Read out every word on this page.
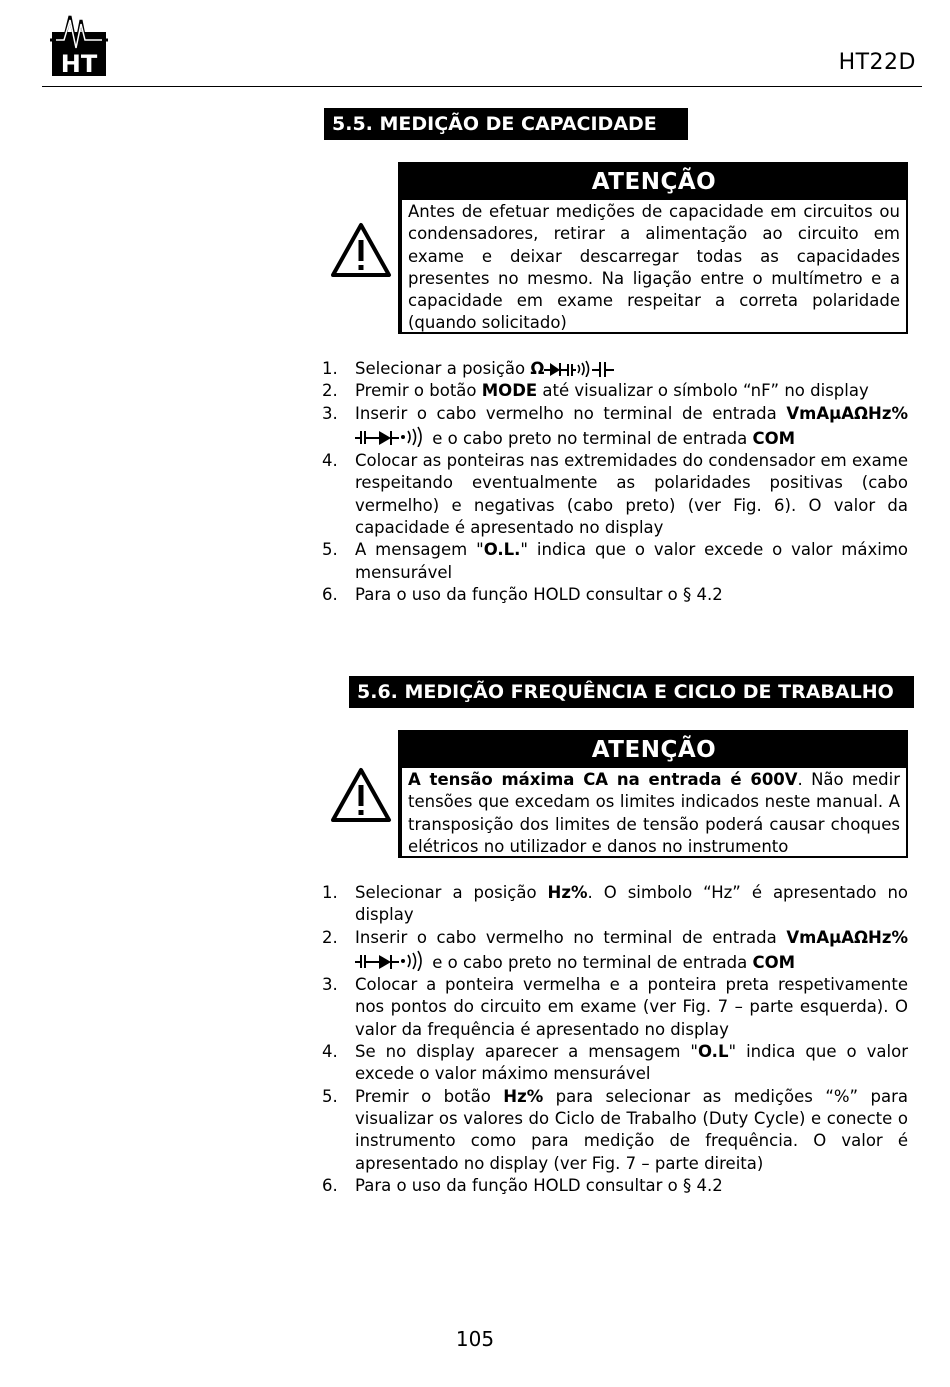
HT	HT22D
5.5. MEDIÇÃO DE CAPACIDADE
ATENÇÃO
Antes de efetuar medições de capacidade em circuitos ou condensadores, retirar a alimentação ao circuito em exame e deixar descarregar todas as capacidades presentes no mesmo. Na ligação entre o multímetro e a capacidade em exame respeitar a correta polaridade (quando solicitado)
1.	Selecionar a posição Ω
2.	Premir o botão MODE até visualizar o símbolo “nF” no display
3.	Inserir o cabo vermelho no terminal de entrada VmAμAΩHz% e o cabo preto no terminal de entrada COM
4.	Colocar as ponteiras nas extremidades do condensador em exame respeitando eventualmente as polaridades positivas (cabo vermelho) e negativas (cabo preto) (ver Fig. 6). O valor da capacidade é apresentado no display
5.	A mensagem "O.L." indica que o valor excede o valor máximo mensurável
6.	Para o uso da função HOLD consultar o § 4.2
5.6. MEDIÇÃO FREQUÊNCIA E CICLO DE TRABALHO
ATENÇÃO
A tensão máxima CA na entrada é 600V. Não medir tensões que excedam os limites indicados neste manual. A transposição dos limites de tensão poderá causar choques elétricos no utilizador e danos no instrumento
1.	Selecionar a posição Hz%. O simbolo “Hz” é apresentado no display
2.	Inserir o cabo vermelho no terminal de entrada VmAμAΩHz% e o cabo preto no terminal de entrada COM
3.	Colocar a ponteira vermelha e a ponteira preta respetivamente nos pontos do circuito em exame (ver Fig. 7 – parte esquerda). O valor da frequência é apresentado no display
4.	Se no display aparecer a mensagem "O.L" indica que o valor excede o valor máximo mensurável
5.	Premir o botão Hz% para selecionar as medições “%” para visualizar os valores do Ciclo de Trabalho (Duty Cycle) e conecte o instrumento como para medição de frequência. O valor é apresentado no display (ver Fig. 7 – parte direita)
6.	Para o uso da função HOLD consultar o § 4.2
105
